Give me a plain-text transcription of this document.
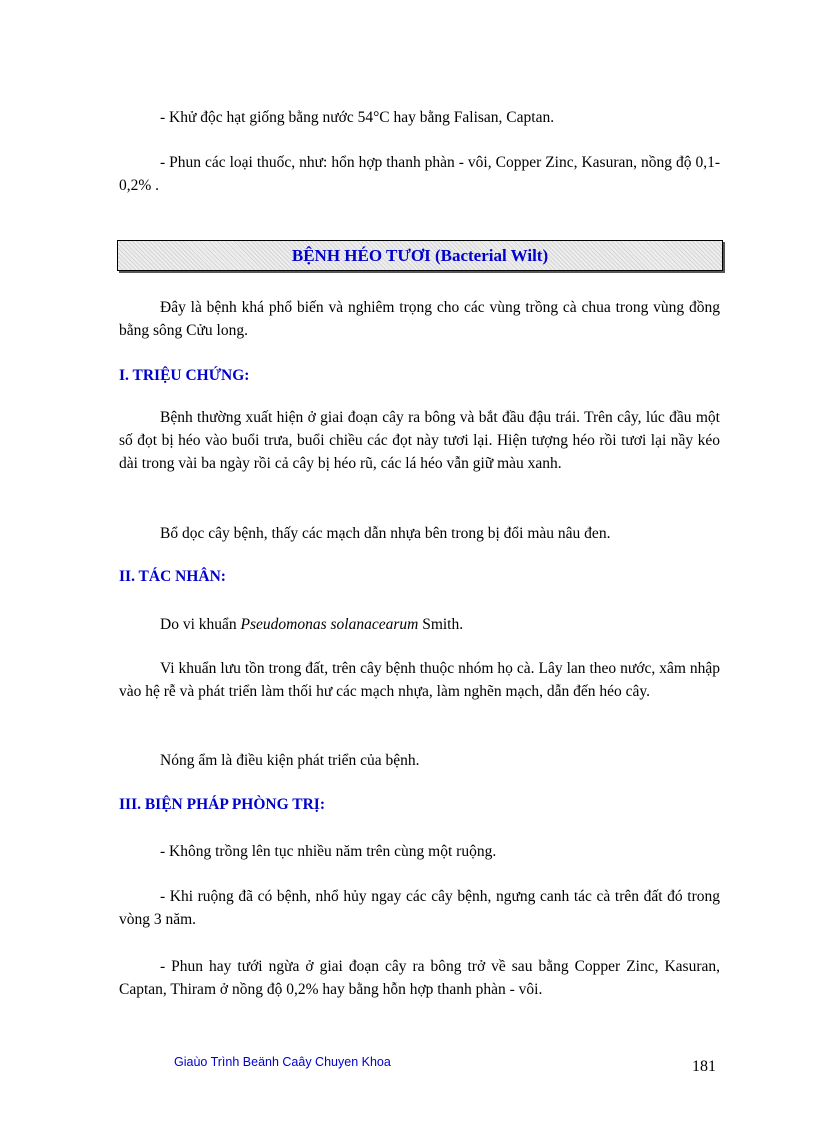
- Khử độc hạt giống bằng nước 54°C hay bằng Falisan, Captan.

- Phun các loại thuốc, như: hổn hợp thanh phàn - vôi, Copper Zinc, Kasuran, nồng độ 0,1-0,2% .

BỆNH HÉO TƯƠI (Bacterial Wilt)

Đây là bệnh khá phổ biến và nghiêm trọng cho các vùng trồng cà chua trong vùng đồng bằng sông Cửu long.

I. TRIỆU CHỨNG:

Bệnh thường xuất hiện ở giai đoạn cây ra bông và bắt đầu đậu trái. Trên cây, lúc đầu một số đọt bị héo vào buổi trưa, buổi chiều các đọt này tươi lại. Hiện tượng héo rồi tươi lại nầy kéo dài trong vài ba ngày rồi cả cây bị héo rũ, các lá héo vẫn giữ màu xanh.

Bổ dọc cây bệnh, thấy các mạch dẫn nhựa bên trong bị đổi màu nâu đen.

II. TÁC NHÂN:

Do vi khuẩn Pseudomonas solanacearum Smith.

Vi khuẩn lưu tồn trong đất, trên cây bệnh thuộc nhóm họ cà. Lây lan theo nước, xâm nhập vào hệ rễ và phát triển làm thối hư các mạch nhựa, làm nghẽn mạch, dẫn đến héo cây.

Nóng ẩm là điều kiện phát triển của bệnh.

III. BIỆN PHÁP PHÒNG TRỊ:

- Không trồng lên tục nhiều năm trên cùng một ruộng.

- Khi ruộng đã có bệnh, nhổ hủy ngay các cây bệnh, ngưng canh tác cà trên đất đó trong vòng 3 năm.

- Phun hay tưới ngừa ở giai đoạn cây ra bông trở về sau bằng Copper Zinc, Kasuran, Captan, Thiram ở nồng độ 0,2% hay bằng hỗn hợp thanh phàn - vôi.

Giaùo Trình Beänh Caây Chuyen Khoa	181
